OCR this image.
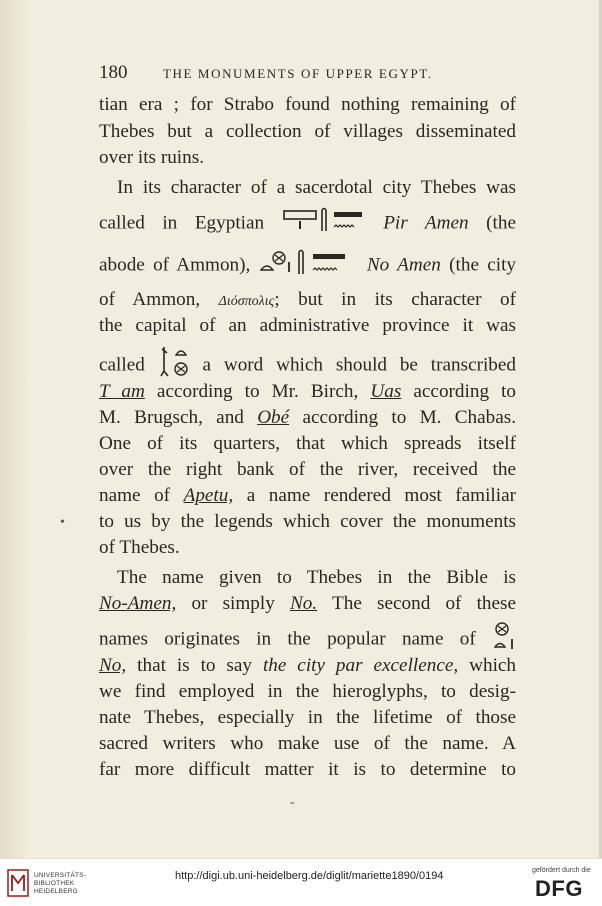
180	THE MONUMENTS OF UPPER EGYPT.
tian era ; for Strabo found nothing remaining of
Thebes but a collection of villages disseminated
over its ruins.
In its character of a sacerdotal city Thebes was
called in Egyptian	Pir Amen (the
abode of Ammon),	No Amen (the city
of Ammon, Διόσπολις; but in its character of
the capital of an administrative province it was
called	a word which should be transcribed
T am according to Mr. Birch, Uas according to
M. Brugsch, and Obé according to M. Chabas.
One of its quarters, that which spreads itself
over the right bank of the river, received the
name of Apetu, a name rendered most familiar
to us by the legends which cover the monuments
of Thebes.
The name given to Thebes in the Bible is
No-Amen, or simply No. The second of these
names originates in the popular name of
No, that is to say the city par excellence, which
we find employed in the hieroglyphs, to desig-
nate Thebes, especially in the lifetime of those
sacred writers who make use of the name. A
far more difficult matter it is to determine to
•
-
UNIVERSITÄTS-
BIBLIOTHEK
HEIDELBERG
http://digi.ub.uni-heidelberg.de/diglit/mariette1890/0194	gefördert durch die
DFG
